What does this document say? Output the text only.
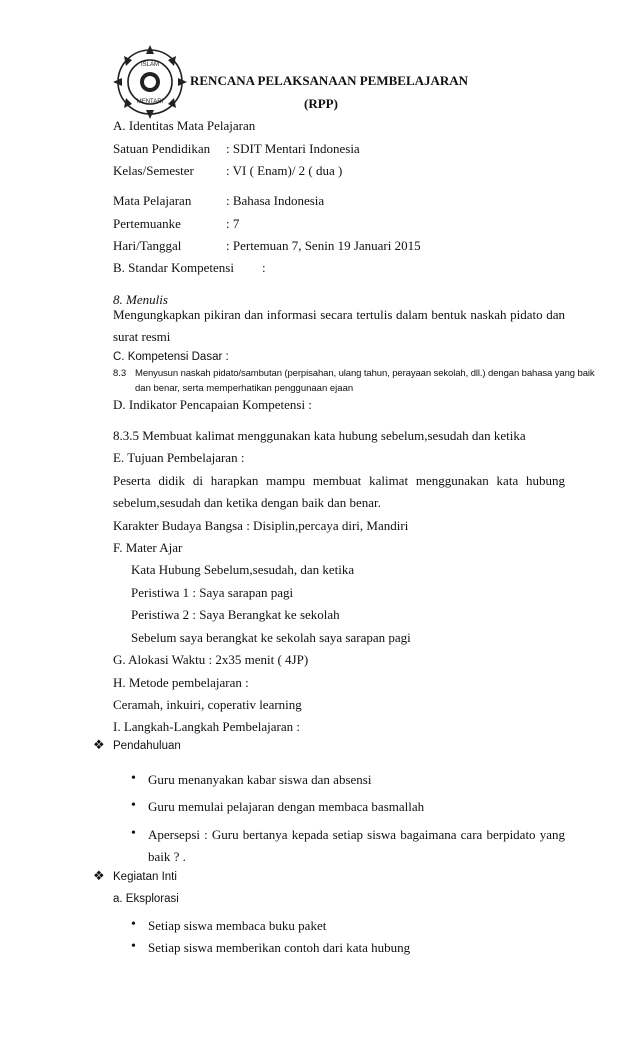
ISLAM
MENTARI
RENCANA PELAKSANAAN PEMBELAJARAN
(RPP)
A. Identitas Mata Pelajaran
Satuan Pendidikan : SDIT Mentari Indonesia
Kelas/Semester : VI ( Enam)/ 2 ( dua )
Mata Pelajaran	: Bahasa Indonesia
Pertemuanke	: 7
Hari/Tanggal	: Pertemuan 7, Senin 19 Januari 2015
B. Standar Kompetensi :
8. Menulis
Mengungkapkan pikiran dan informasi secara tertulis dalam bentuk naskah pidato dan
surat resmi
C. Kompetensi Dasar :
8.3 Menyusun naskah pidato/sambutan (perpisahan, ulang tahun, perayaan sekolah, dll.) dengan bahasa yang baik
dan benar, serta memperhatikan penggunaan ejaan
D. Indikator Pencapaian Kompetensi :
8.3.5 Membuat kalimat menggunakan kata hubung sebelum,sesudah dan ketika
E. Tujuan Pembelajaran :
Peserta didik di harapkan mampu membuat kalimat menggunakan kata hubung
sebelum,sesudah dan ketika dengan baik dan benar.
Karakter Budaya Bangsa : Disiplin,percaya diri, Mandiri
F. Mater Ajar
Kata Hubung Sebelum,sesudah, dan ketika
Peristiwa 1 : Saya sarapan pagi
Peristiwa 2 : Saya Berangkat ke sekolah
Sebelum saya berangkat ke sekolah saya sarapan pagi
G. Alokasi Waktu : 2x35 menit ( 4JP)
H. Metode pembelajaran :
Ceramah, inkuiri, coperativ learning
I. Langkah-Langkah Pembelajaran :
❖ Pendahuluan
• Guru menanyakan kabar siswa dan absensi
• Guru memulai pelajaran dengan membaca basmallah
• Apersepsi : Guru bertanya kepada setiap siswa bagaimana cara berpidato yang
baik ? .
❖ Kegiatan Inti
a. Eksplorasi
• Setiap siswa membaca buku paket
• Setiap siswa memberikan contoh dari kata hubung
